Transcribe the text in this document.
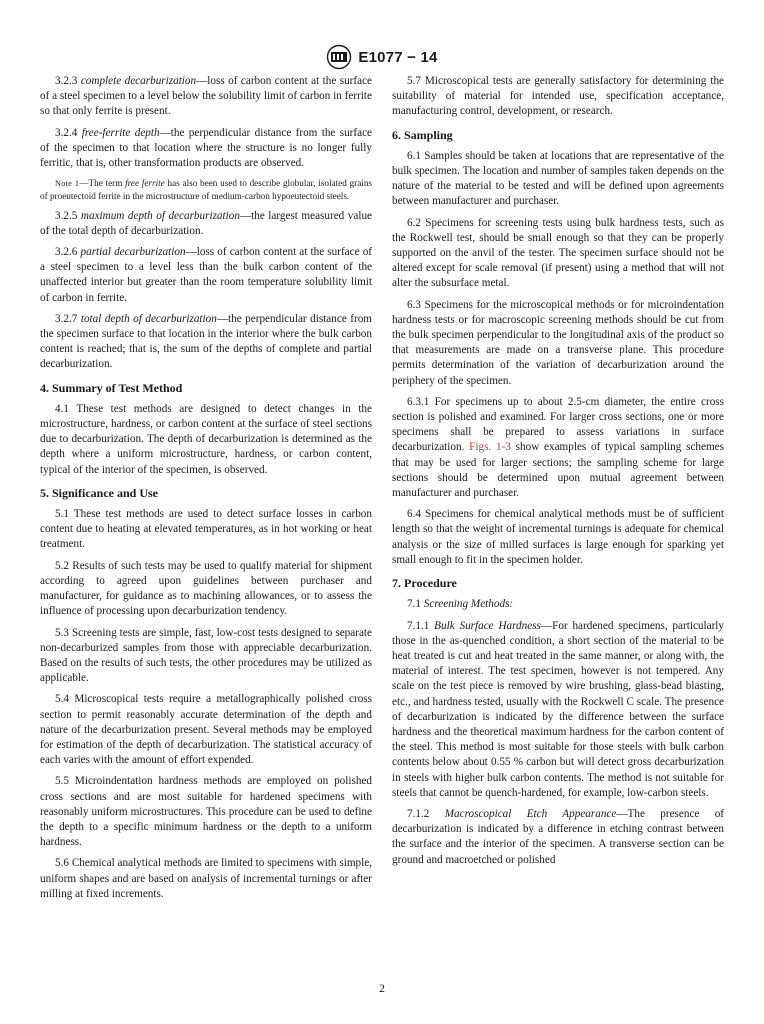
E1077 − 14

3.2.3 complete decarburization—loss of carbon content at the surface of a steel specimen to a level below the solubility limit of carbon in ferrite so that only ferrite is present.

3.2.4 free-ferrite depth—the perpendicular distance from the surface of the specimen to that location where the structure is no longer fully ferritic, that is, other transformation products are observed.

Note 1—The term free ferrite has also been used to describe globular, isolated grains of proeutectoid ferrite in the microstructure of medium-carbon hypoeutectoid steels.

3.2.5 maximum depth of decarburization—the largest measured value of the total depth of decarburization.

3.2.6 partial decarburization—loss of carbon content at the surface of a steel specimen to a level less than the bulk carbon content of the unaffected interior but greater than the room temperature solubility limit of carbon in ferrite.

3.2.7 total depth of decarburization—the perpendicular distance from the specimen surface to that location in the interior where the bulk carbon content is reached; that is, the sum of the depths of complete and partial decarburization.

4. Summary of Test Method

4.1 These test methods are designed to detect changes in the microstructure, hardness, or carbon content at the surface of steel sections due to decarburization. The depth of decarburization is determined as the depth where a uniform microstructure, hardness, or carbon content, typical of the interior of the specimen, is observed.

5. Significance and Use

5.1 These test methods are used to detect surface losses in carbon content due to heating at elevated temperatures, as in hot working or heat treatment.

5.2 Results of such tests may be used to qualify material for shipment according to agreed upon guidelines between purchaser and manufacturer, for guidance as to machining allowances, or to assess the influence of processing upon decarburization tendency.

5.3 Screening tests are simple, fast, low-cost tests designed to separate non-decarburized samples from those with appreciable decarburization. Based on the results of such tests, the other procedures may be utilized as applicable.

5.4 Microscopical tests require a metallographically polished cross section to permit reasonably accurate determination of the depth and nature of the decarburization present. Several methods may be employed for estimation of the depth of decarburization. The statistical accuracy of each varies with the amount of effort expended.

5.5 Microindentation hardness methods are employed on polished cross sections and are most suitable for hardened specimens with reasonably uniform microstructures. This procedure can be used to define the depth to a specific minimum hardness or the depth to a uniform hardness.

5.6 Chemical analytical methods are limited to specimens with simple, uniform shapes and are based on analysis of incremental turnings or after milling at fixed increments.

5.7 Microscopical tests are generally satisfactory for determining the suitability of material for intended use, specification acceptance, manufacturing control, development, or research.

6. Sampling

6.1 Samples should be taken at locations that are representative of the bulk specimen. The location and number of samples taken depends on the nature of the material to be tested and will be defined upon agreements between manufacturer and purchaser.

6.2 Specimens for screening tests using bulk hardness tests, such as the Rockwell test, should be small enough so that they can be properly supported on the anvil of the tester. The specimen surface should not be altered except for scale removal (if present) using a method that will not alter the subsurface metal.

6.3 Specimens for the microscopical methods or for microindentation hardness tests or for macroscopic screening methods should be cut from the bulk specimen perpendicular to the longitudinal axis of the product so that measurements are made on a transverse plane. This procedure permits determination of the variation of decarburization around the periphery of the specimen.

6.3.1 For specimens up to about 2.5-cm diameter, the entire cross section is polished and examined. For larger cross sections, one or more specimens shall be prepared to assess variations in surface decarburization. Figs. 1-3 show examples of typical sampling schemes that may be used for larger sections; the sampling scheme for large sections should be determined upon mutual agreement between manufacturer and purchaser.

6.4 Specimens for chemical analytical methods must be of sufficient length so that the weight of incremental turnings is adequate for chemical analysis or the size of milled surfaces is large enough for sparking yet small enough to fit in the specimen holder.

7. Procedure

7.1 Screening Methods:

7.1.1 Bulk Surface Hardness—For hardened specimens, particularly those in the as-quenched condition, a short section of the material to be heat treated is cut and heat treated in the same manner, or along with, the material of interest. The test specimen, however is not tempered. Any scale on the test piece is removed by wire brushing, glass-bead blasting, etc., and hardness tested, usually with the Rockwell C scale. The presence of decarburization is indicated by the difference between the surface hardness and the theoretical maximum hardness for the carbon content of the steel. This method is most suitable for those steels with bulk carbon contents below about 0.55 % carbon but will detect gross decarburization in steels with higher bulk carbon contents. The method is not suitable for steels that cannot be quench-hardened, for example, low-carbon steels.

7.1.2 Macroscopical Etch Appearance—The presence of decarburization is indicated by a difference in etching contrast between the surface and the interior of the specimen. A transverse section can be ground and macroetched or polished

2
